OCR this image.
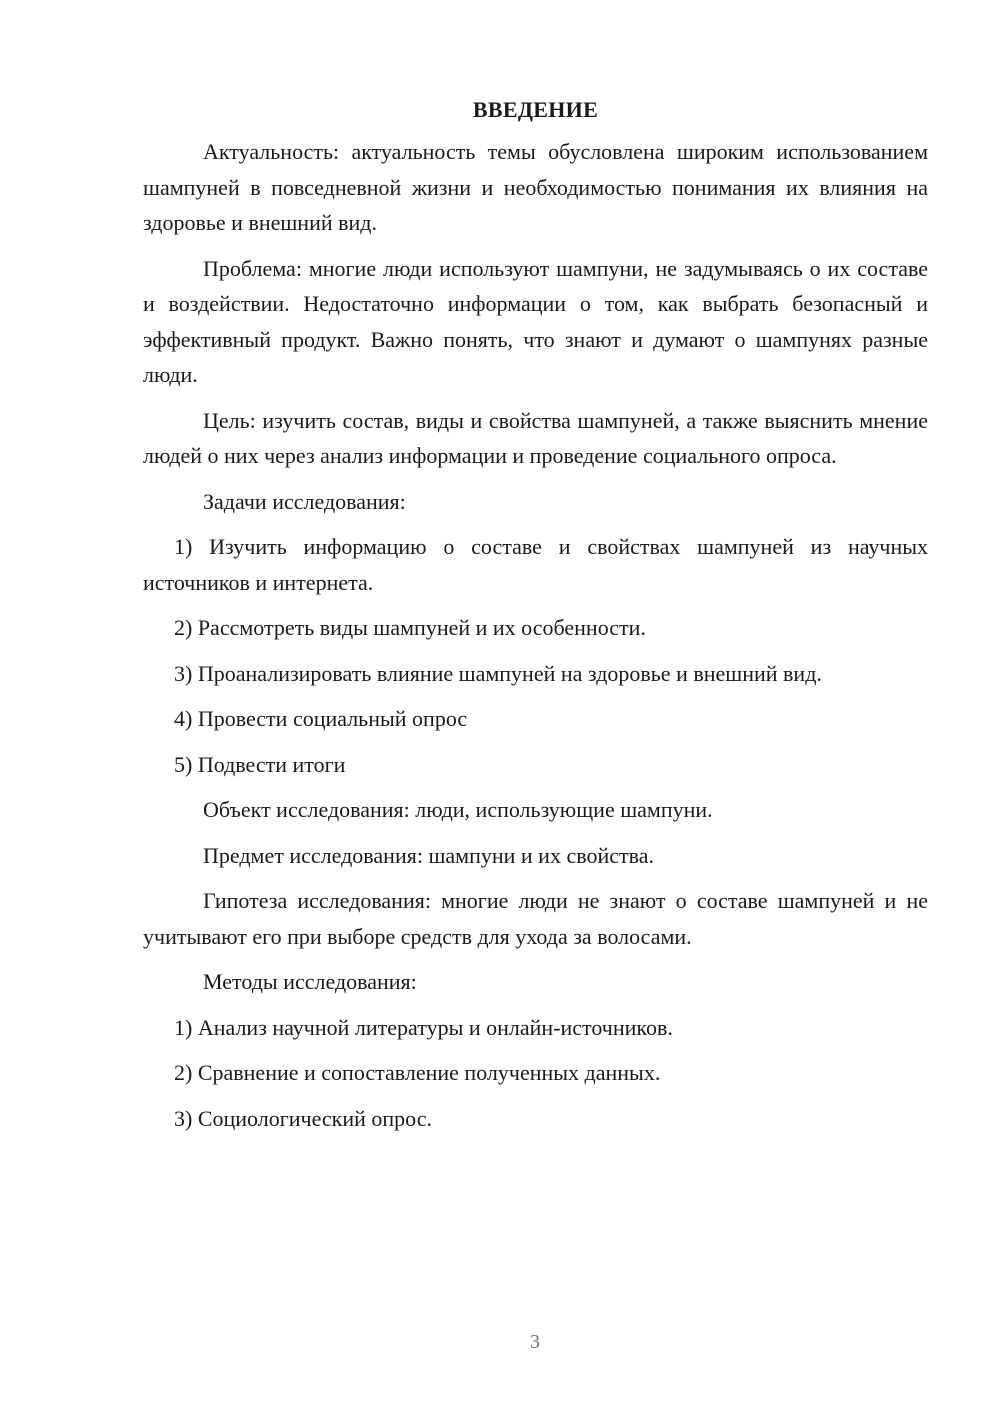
ВВЕДЕНИЕ

Актуальность: актуальность темы обусловлена широким использованием шампуней в повседневной жизни и необходимостью понимания их влияния на здоровье и внешний вид.

Проблема: многие люди используют шампуни, не задумываясь о их составе и воздействии. Недостаточно информации о том, как выбрать безопасный и эффективный продукт. Важно понять, что знают и думают о шампунях разные люди.

Цель: изучить состав, виды и свойства шампуней, а также выяснить мнение людей о них через анализ информации и проведение социального опроса.

Задачи исследования:

1) Изучить информацию о составе и свойствах шампуней из научных источников и интернета.

2) Рассмотреть виды шампуней и их особенности.

3) Проанализировать влияние шампуней на здоровье и внешний вид.

4) Провести социальный опрос

5) Подвести итоги

Объект исследования: люди, использующие шампуни.

Предмет исследования: шампуни и их свойства.

Гипотеза исследования: многие люди не знают о составе шампуней и не учитывают его при выборе средств для ухода за волосами.

Методы исследования:

1) Анализ научной литературы и онлайн-источников.

2) Сравнение и сопоставление полученных данных.

3) Социологический опрос.

3
